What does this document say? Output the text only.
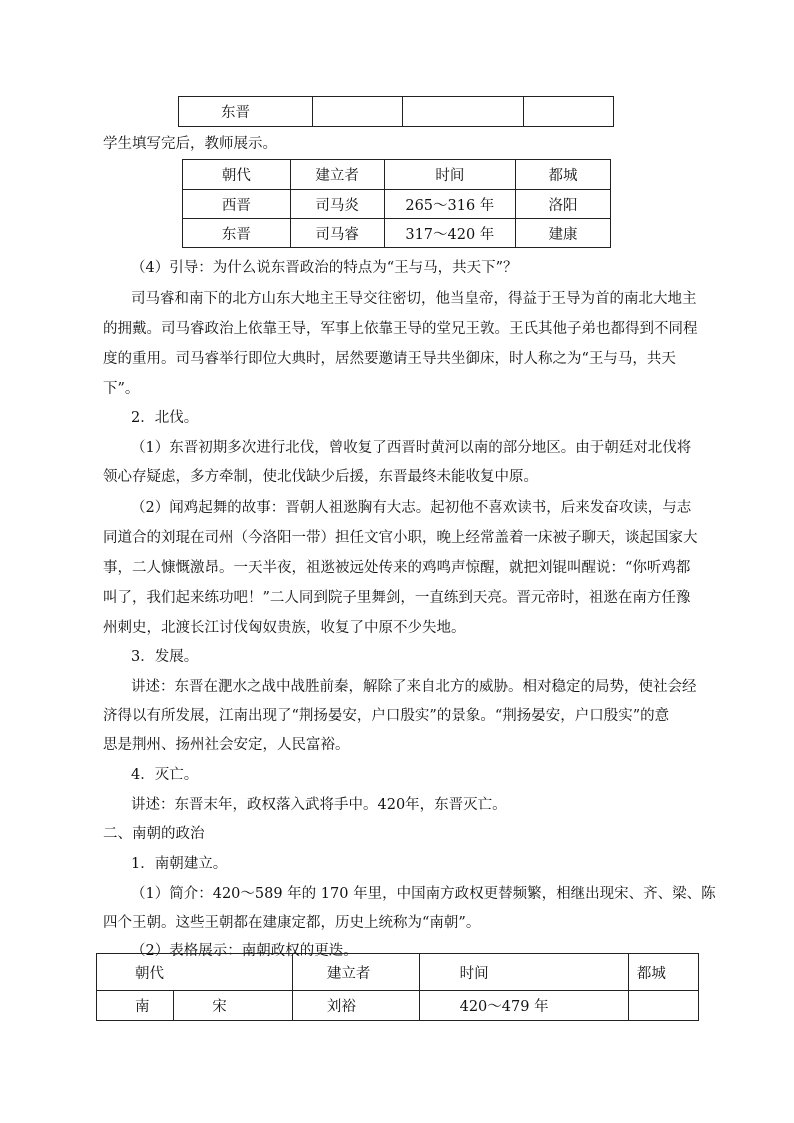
东晋			
学生填写完后，教师展示。
朝代	建立者	时间	都城
西晋	司马炎	265～316 年	洛阳
东晋	司马睿	317～420 年	建康
（4）引导：为什么说东晋政治的特点为“王与马，共天下”？
司马睿和南下的北方山东大地主王导交往密切，他当皇帝，得益于王导为首的南北大地主
的拥戴。司马睿政治上依靠王导，军事上依靠王导的堂兄王敦。王氏其他子弟也都得到不同程
度的重用。司马睿举行即位大典时，居然要邀请王导共坐御床，时人称之为“王与马，共天
下”。
2．北伐。
（1）东晋初期多次进行北伐，曾收复了西晋时黄河以南的部分地区。由于朝廷对北伐将
领心存疑虑，多方牵制，使北伐缺少后援，东晋最终未能收复中原。
（2）闻鸡起舞的故事：晋朝人祖逖胸有大志。起初他不喜欢读书，后来发奋攻读，与志
同道合的刘琨在司州（今洛阳一带）担任文官小职，晚上经常盖着一床被子聊天，谈起国家大
事，二人慷慨激昂。一天半夜，祖逖被远处传来的鸡鸣声惊醒，就把刘锟叫醒说：“你听鸡都
叫了，我们起来练功吧！”二人同到院子里舞剑，一直练到天亮。晋元帝时，祖逖在南方任豫
州刺史，北渡长江讨伐匈奴贵族，收复了中原不少失地。
3．发展。
讲述：东晋在淝水之战中战胜前秦，解除了来自北方的威胁。相对稳定的局势，使社会经
济得以有所发展，江南出现了“荆扬晏安，户口殷实”的景象。“荆扬晏安，户口殷实”的意
思是荆州、扬州社会安定，人民富裕。
4．灭亡。
讲述：东晋末年，政权落入武将手中。420年，东晋灭亡。
二、南朝的政治
1．南朝建立。
（1）简介：420～589 年的 170 年里，中国南方政权更替频繁，相继出现宋、齐、梁、陈
四个王朝。这些王朝都在建康定都，历史上统称为“南朝”。
（2）表格展示：南朝政权的更迭。
朝代		建立者	时间	都城
南	宋	刘裕	420～479 年	
